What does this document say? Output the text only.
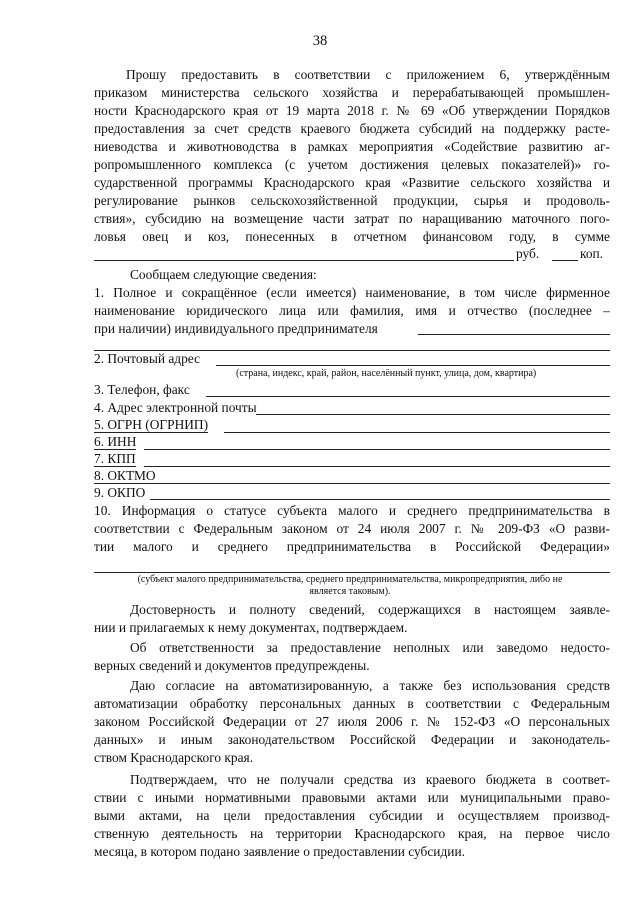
38
Прошу предоставить в соответствии с приложением 6, утверждённым
приказом министерства сельского хозяйства и перерабатывающей промышлен-
ности Краснодарского края от 19 марта 2018 г. № 69 «Об утверждении Порядков
предоставления за счет средств краевого бюджета субсидий на поддержку расте-
ниеводства и животноводства в рамках мероприятия «Содействие развитию аг-
ропромышленного комплекса (с учетом достижения целевых показателей)» го-
сударственной программы Краснодарского края «Развитие сельского хозяйства и
регулирование рынков сельскохозяйственной продукции, сырья и продоволь-
ствия», субсидию на возмещение части затрат по наращиванию маточного пого-
ловья овец и коз, понесенных в отчетном финансовом году, в сумме
руб.	коп.
Сообщаем следующие сведения:
1. Полное и сокращённое (если имеется) наименование, в том числе фирменное
наименование юридического лица или фамилия, имя и отчество (последнее –
при наличии) индивидуального предпринимателя
2. Почтовый адрес
(страна, индекс, край, район, населённый пункт, улица, дом, квартира)
3. Телефон, факс
4. Адрес электронной почты
5. ОГРН (ОГРНИП)
6. ИНН
7. КПП
8. ОКТМО
9. ОКПО
10. Информация о статусе субъекта малого и среднего предпринимательства в
соответствии с Федеральным законом от 24 июля 2007 г. № 209-ФЗ «О разви-
тии малого и среднего предпринимательства в Российской Федерации»
(субъект малого предпринимательства, среднего предпринимательства, микропредприятия, либо не
является таковым).
Достоверность и полноту сведений, содержащихся в настоящем заявле-
нии и прилагаемых к нему документах, подтверждаем.
Об ответственности за предоставление неполных или заведомо недосто-
верных сведений и документов предупреждены.
Даю согласие на автоматизированную, а также без использования средств
автоматизации обработку персональных данных в соответствии с Федеральным
законом Российской Федерации от 27 июля 2006 г. № 152-ФЗ «О персональных
данных» и иным законодательством Российской Федерации и законодатель-
ством Краснодарского края.
Подтверждаем, что не получали средства из краевого бюджета в соответ-
ствии с иными нормативными правовыми актами или муниципальными право-
выми актами, на цели предоставления субсидии и осуществляем производ-
ственную деятельность на территории Краснодарского края, на первое число
месяца, в котором подано заявление о предоставлении субсидии.
